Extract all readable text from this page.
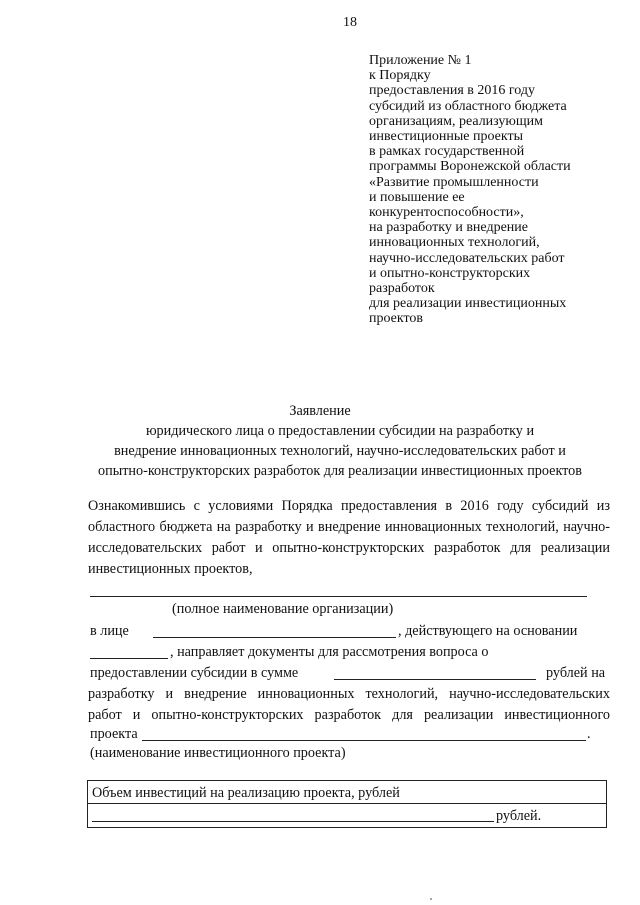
18
Приложение № 1
к Порядку
предоставления в 2016 году
субсидий из областного бюджета
организациям, реализующим
инвестиционные проекты
в рамках государственной
программы Воронежской области
«Развитие промышленности
и повышение ее
конкурентоспособности»,
на разработку и внедрение
инновационных технологий,
научно-исследовательских работ
и опытно-конструкторских
разработок
для реализации инвестиционных
проектов
Заявление
юридического лица о предоставлении субсидии на разработку и
внедрение инновационных технологий, научно-исследовательских работ и
опытно-конструкторских разработок для реализации инвестиционных проектов
Ознакомившись с условиями Порядка предоставления в 2016 году субсидий из областного бюджета на разработку и внедрение инновационных технологий, научно-исследовательских работ и опытно-конструкторских разработок для реализации инвестиционных проектов,
(полное наименование организации)
в лице	, действующего на основании
, направляет документы для рассмотрения вопроса о
предоставлении субсидии в сумме	рублей на
разработку и внедрение инновационных технологий, научно-исследовательских
работ и опытно-конструкторских разработок для реализации инвестиционного
проекта	.
(наименование инвестиционного проекта)
Объем инвестиций на реализацию проекта, рублей
рублей.
